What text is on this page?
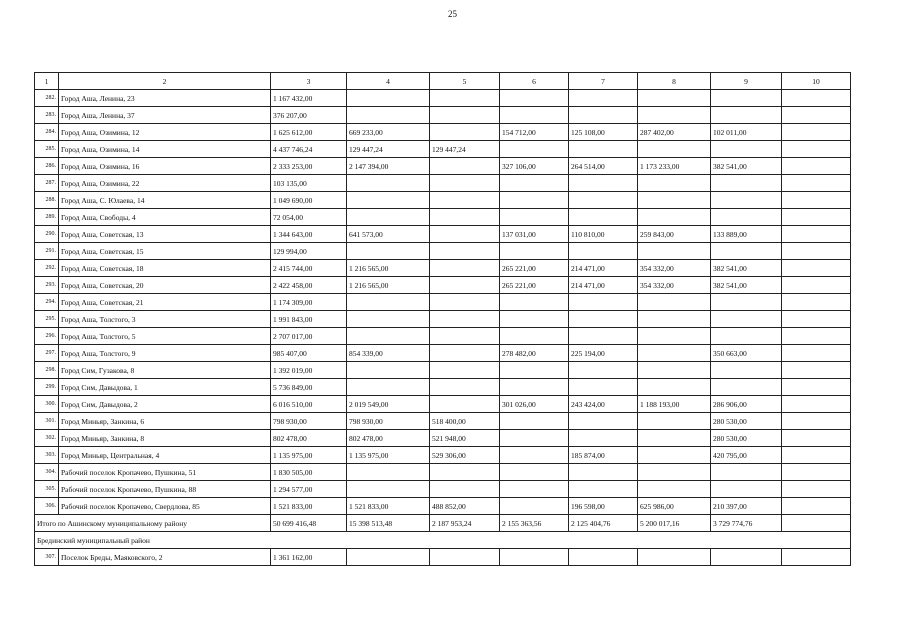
25
1	2	3	4	5	6	7	8	9	10
282.	Город Аша, Ленина, 23	1 167 432,00							
283.	Город Аша, Ленина, 37	376 207,00							
284.	Город Аша, Озимина, 12	1 625 612,00	669 233,00		154 712,00	125 108,00	287 402,00	102 011,00	
285.	Город Аша, Озимина, 14	4 437 746,24	129 447,24	129 447,24					
286.	Город Аша, Озимина, 16	2 333 253,00	2 147 394,00		327 106,00	264 514,00	1 173 233,00	382 541,00	
287.	Город Аша, Озимина, 22	103 135,00							
288.	Город Аша, С. Юлаева, 14	1 049 690,00							
289.	Город Аша, Свободы, 4	72 054,00							
290.	Город Аша, Советская, 13	1 344 643,00	641 573,00		137 031,00	110 810,00	259 843,00	133 889,00	
291.	Город Аша, Советская, 15	129 994,00							
292.	Город Аша, Советская, 18	2 415 744,00	1 216 565,00		265 221,00	214 471,00	354 332,00	382 541,00	
293.	Город Аша, Советская, 20	2 422 458,00	1 216 565,00		265 221,00	214 471,00	354 332,00	382 541,00	
294.	Город Аша, Советская, 21	1 174 309,00							
295.	Город Аша, Толстого, 3	1 991 843,00							
296.	Город Аша, Толстого, 5	2 707 017,00							
297.	Город Аша, Толстого, 9	985 407,00	854 339,00		278 482,00	225 194,00		350 663,00	
298.	Город Сим, Гузакова, 8	1 392 019,00							
299.	Город Сим, Давыдова, 1	5 736 849,00							
300.	Город Сим, Давыдова, 2	6 016 510,00	2 019 549,00		301 026,00	243 424,00	1 188 193,00	286 906,00	
301.	Город Миньяр, Занкина, 6	798 930,00	798 930,00	518 400,00				280 530,00	
302.	Город Миньяр, Занкина, 8	802 478,00	802 478,00	521 948,00				280 530,00	
303.	Город Миньяр, Центральная, 4	1 135 975,00	1 135 975,00	529 306,00		185 874,00		420 795,00	
304.	Рабочий поселок Кропачево, Пушкина, 51	1 830 505,00							
305.	Рабочий поселок Кропачево, Пушкина, 88	1 294 577,00							
306.	Рабочий поселок Кропачево, Свердлова, 85	1 521 833,00	1 521 833,00	488 852,00		196 598,00	625 986,00	210 397,00	
Итого по Ашинскому муниципальному району		50 699 416,48	15 398 513,48	2 187 953,24	2 155 363,56	2 125 404,76	5 200 017,16	3 729 774,76	
Брединский муниципальный район									
307.	Поселок Бреды, Маяковского, 2	1 361 162,00							
